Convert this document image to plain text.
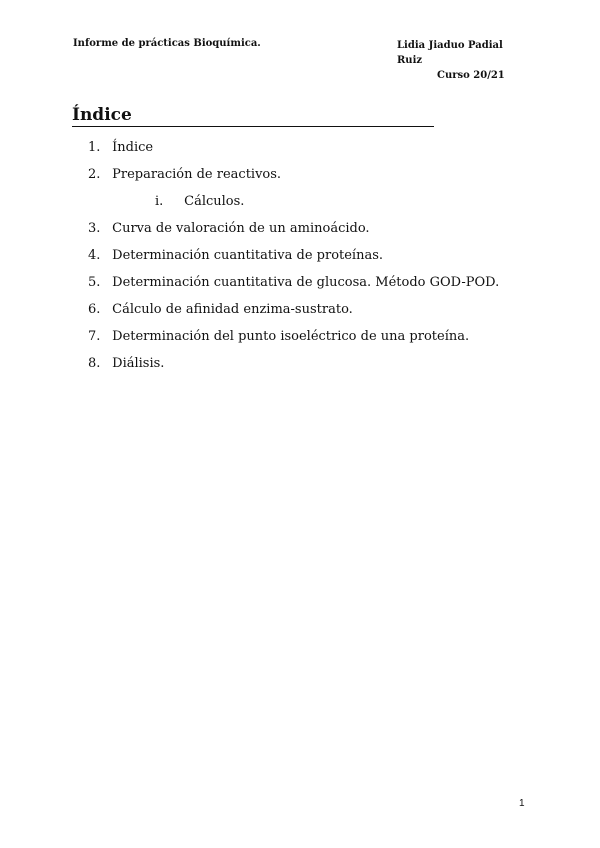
Informe de prácticas Bioquímica.	Lidia Jiaduo Padial Ruiz
Curso 20/21
Índice
1. Índice
2. Preparación de reactivos.
i. Cálculos.
3. Curva de valoración de un aminoácido.
4. Determinación cuantitativa de proteínas.
5. Determinación cuantitativa de glucosa. Método GOD-POD.
6. Cálculo de afinidad enzima-sustrato.
7. Determinación del punto isoeléctrico de una proteína.
8. Diálisis.
1
